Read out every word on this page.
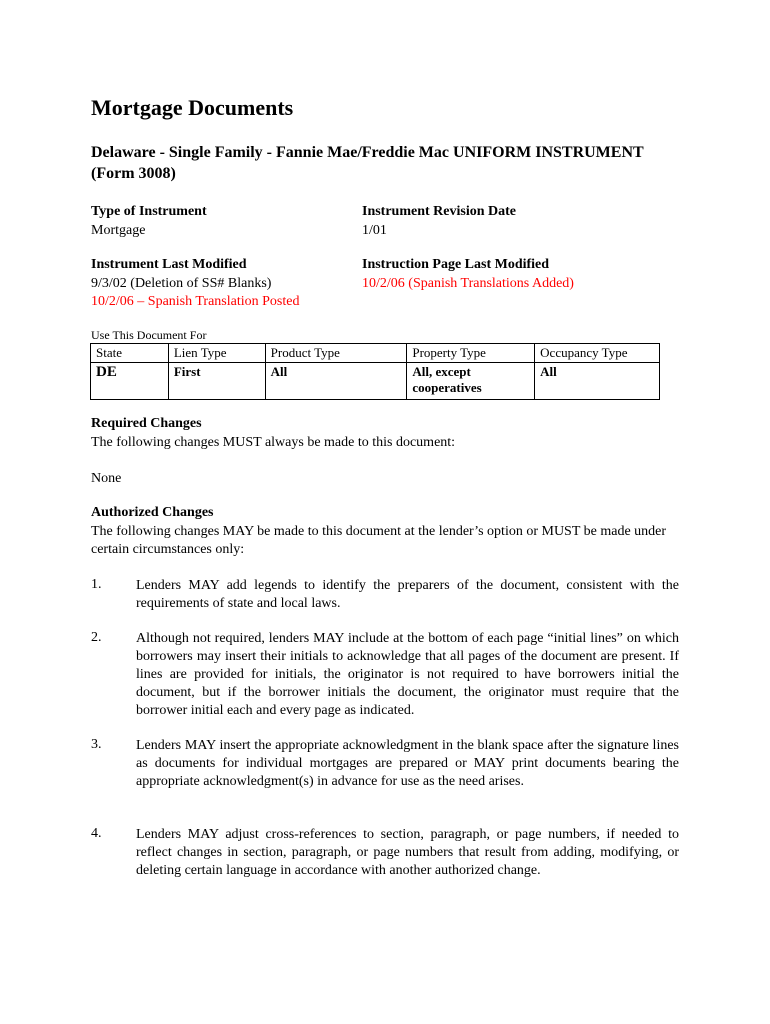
Mortgage Documents
Delaware - Single Family - Fannie Mae/Freddie Mac UNIFORM INSTRUMENT (Form 3008)
Type of Instrument
Mortgage
Instrument Last Modified
9/3/02 (Deletion of SS# Blanks)
10/2/06 – Spanish Translation Posted
Instrument Revision Date
1/01
Instruction Page Last Modified
10/2/06 (Spanish Translations Added)
Use This Document For
State	Lien Type	Product Type	Property Type	Occupancy Type
DE	First	All	All, except cooperatives	All
Required Changes
The following changes MUST always be made to this document:
None
Authorized Changes
The following changes MAY be made to this document at the lender’s option or MUST be made under certain circumstances only:
1. Lenders MAY add legends to identify the preparers of the document, consistent with the requirements of state and local laws.
2. Although not required, lenders MAY include at the bottom of each page “initial lines” on which borrowers may insert their initials to acknowledge that all pages of the document are present. If lines are provided for initials, the originator is not required to have borrowers initial the document, but if the borrower initials the document, the originator must require that the borrower initial each and every page as indicated.
3. Lenders MAY insert the appropriate acknowledgment in the blank space after the signature lines as documents for individual mortgages are prepared or MAY print documents bearing the appropriate acknowledgment(s) in advance for use as the need arises.
4. Lenders MAY adjust cross-references to section, paragraph, or page numbers, if needed to reflect changes in section, paragraph, or page numbers that result from adding, modifying, or deleting certain language in accordance with another authorized change.
